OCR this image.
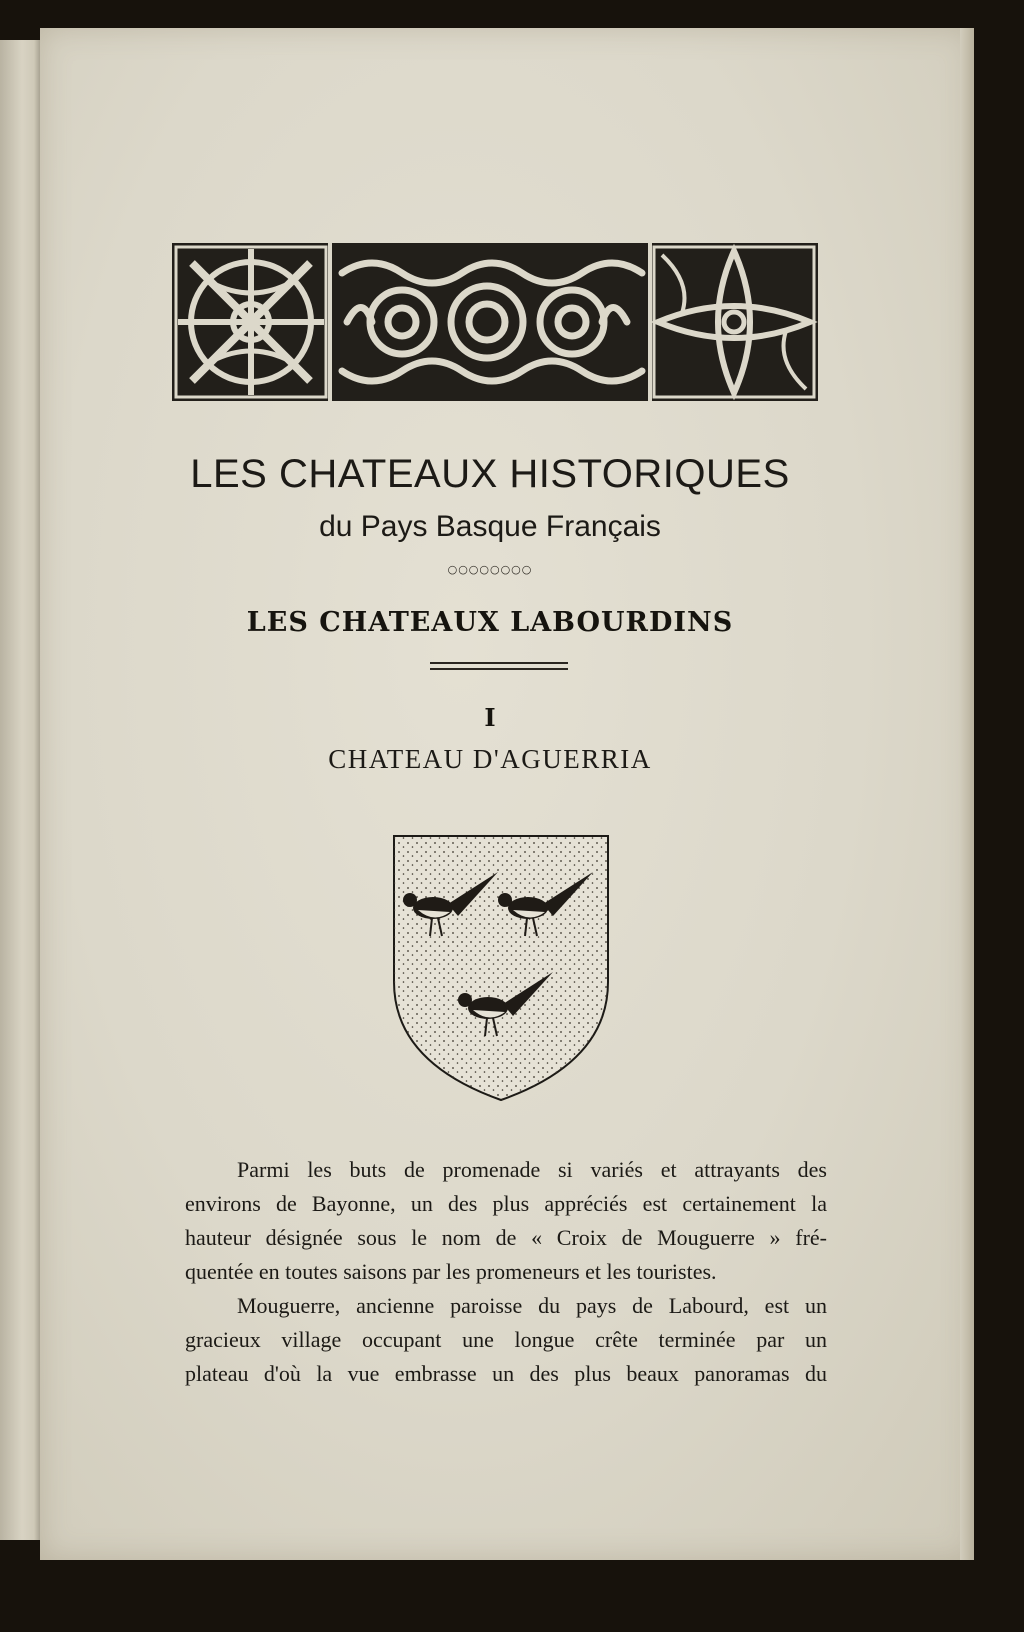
LES CHATEAUX HISTORIQUES
du Pays Basque Français
○○○○○○○○
LES CHATEAUX LABOURDINS
I
CHATEAU D'AGUERRIA

Parmi les buts de promenade si variés et attrayants des
environs de Bayonne, un des plus appréciés est certainement la
hauteur désignée sous le nom de « Croix de Mouguerre » fré-
quentée en toutes saisons par les promeneurs et les touristes.

Mouguerre, ancienne paroisse du pays de Labourd, est un
gracieux village occupant une longue crête terminée par un
plateau d'où la vue embrasse un des plus beaux panoramas du
